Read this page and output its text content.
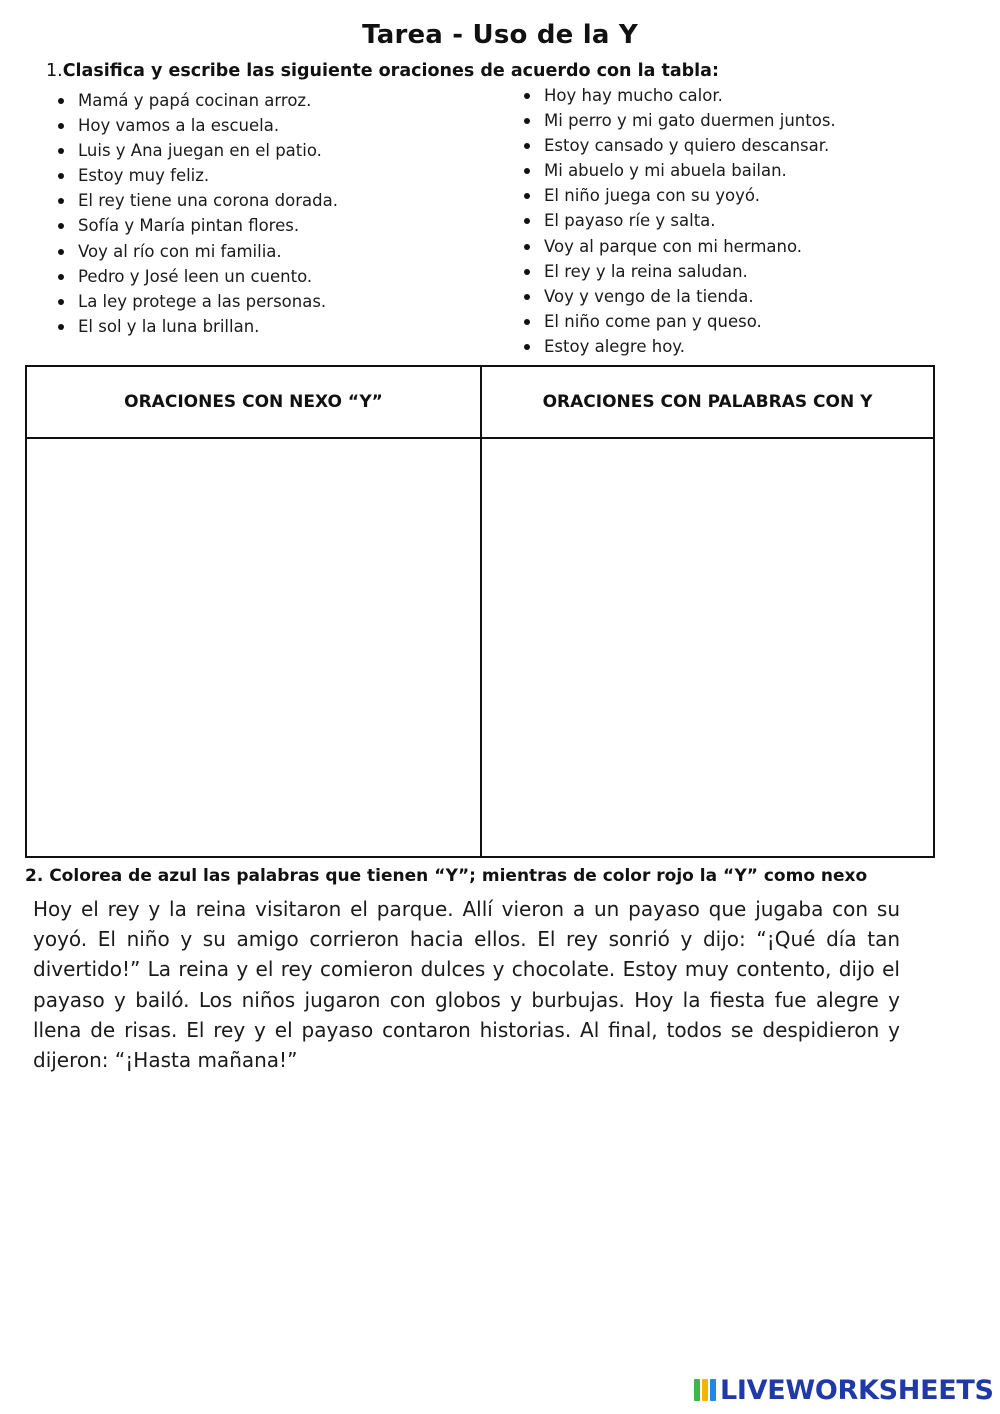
Tarea - Uso de la Y
1.Clasifica y escribe las siguiente oraciones de acuerdo con la tabla:
Mamá y papá cocinan arroz.
Hoy vamos a la escuela.
Luis y Ana juegan en el patio.
Estoy muy feliz.
El rey tiene una corona dorada.
Sofía y María pintan flores.
Voy al río con mi familia.
Pedro y José leen un cuento.
La ley protege a las personas.
El sol y la luna brillan.
Hoy hay mucho calor.
Mi perro y mi gato duermen juntos.
Estoy cansado y quiero descansar.
Mi abuelo y mi abuela bailan.
El niño juega con su yoyó.
El payaso ríe y salta.
Voy al parque con mi hermano.
El rey y la reina saludan.
Voy y vengo de la tienda.
El niño come pan y queso.
Estoy alegre hoy.
ORACIONES CON NEXO “Y”	ORACIONES CON PALABRAS CON Y
2. Colorea de azul las palabras que tienen “Y”; mientras de color rojo la “Y” como nexo

Hoy el rey y la reina visitaron el parque. Allí vieron a un payaso que jugaba con su yoyó. El niño y su amigo corrieron hacia ellos. El rey sonrió y dijo: “¡Qué día tan divertido!” La reina y el rey comieron dulces y chocolate. Estoy muy contento, dijo el payaso y bailó. Los niños jugaron con globos y burbujas. Hoy la fiesta fue alegre y llena de risas. El rey y el payaso contaron historias. Al final, todos se despidieron y dijeron: “¡Hasta mañana!”

LIVEWORKSHEETS
